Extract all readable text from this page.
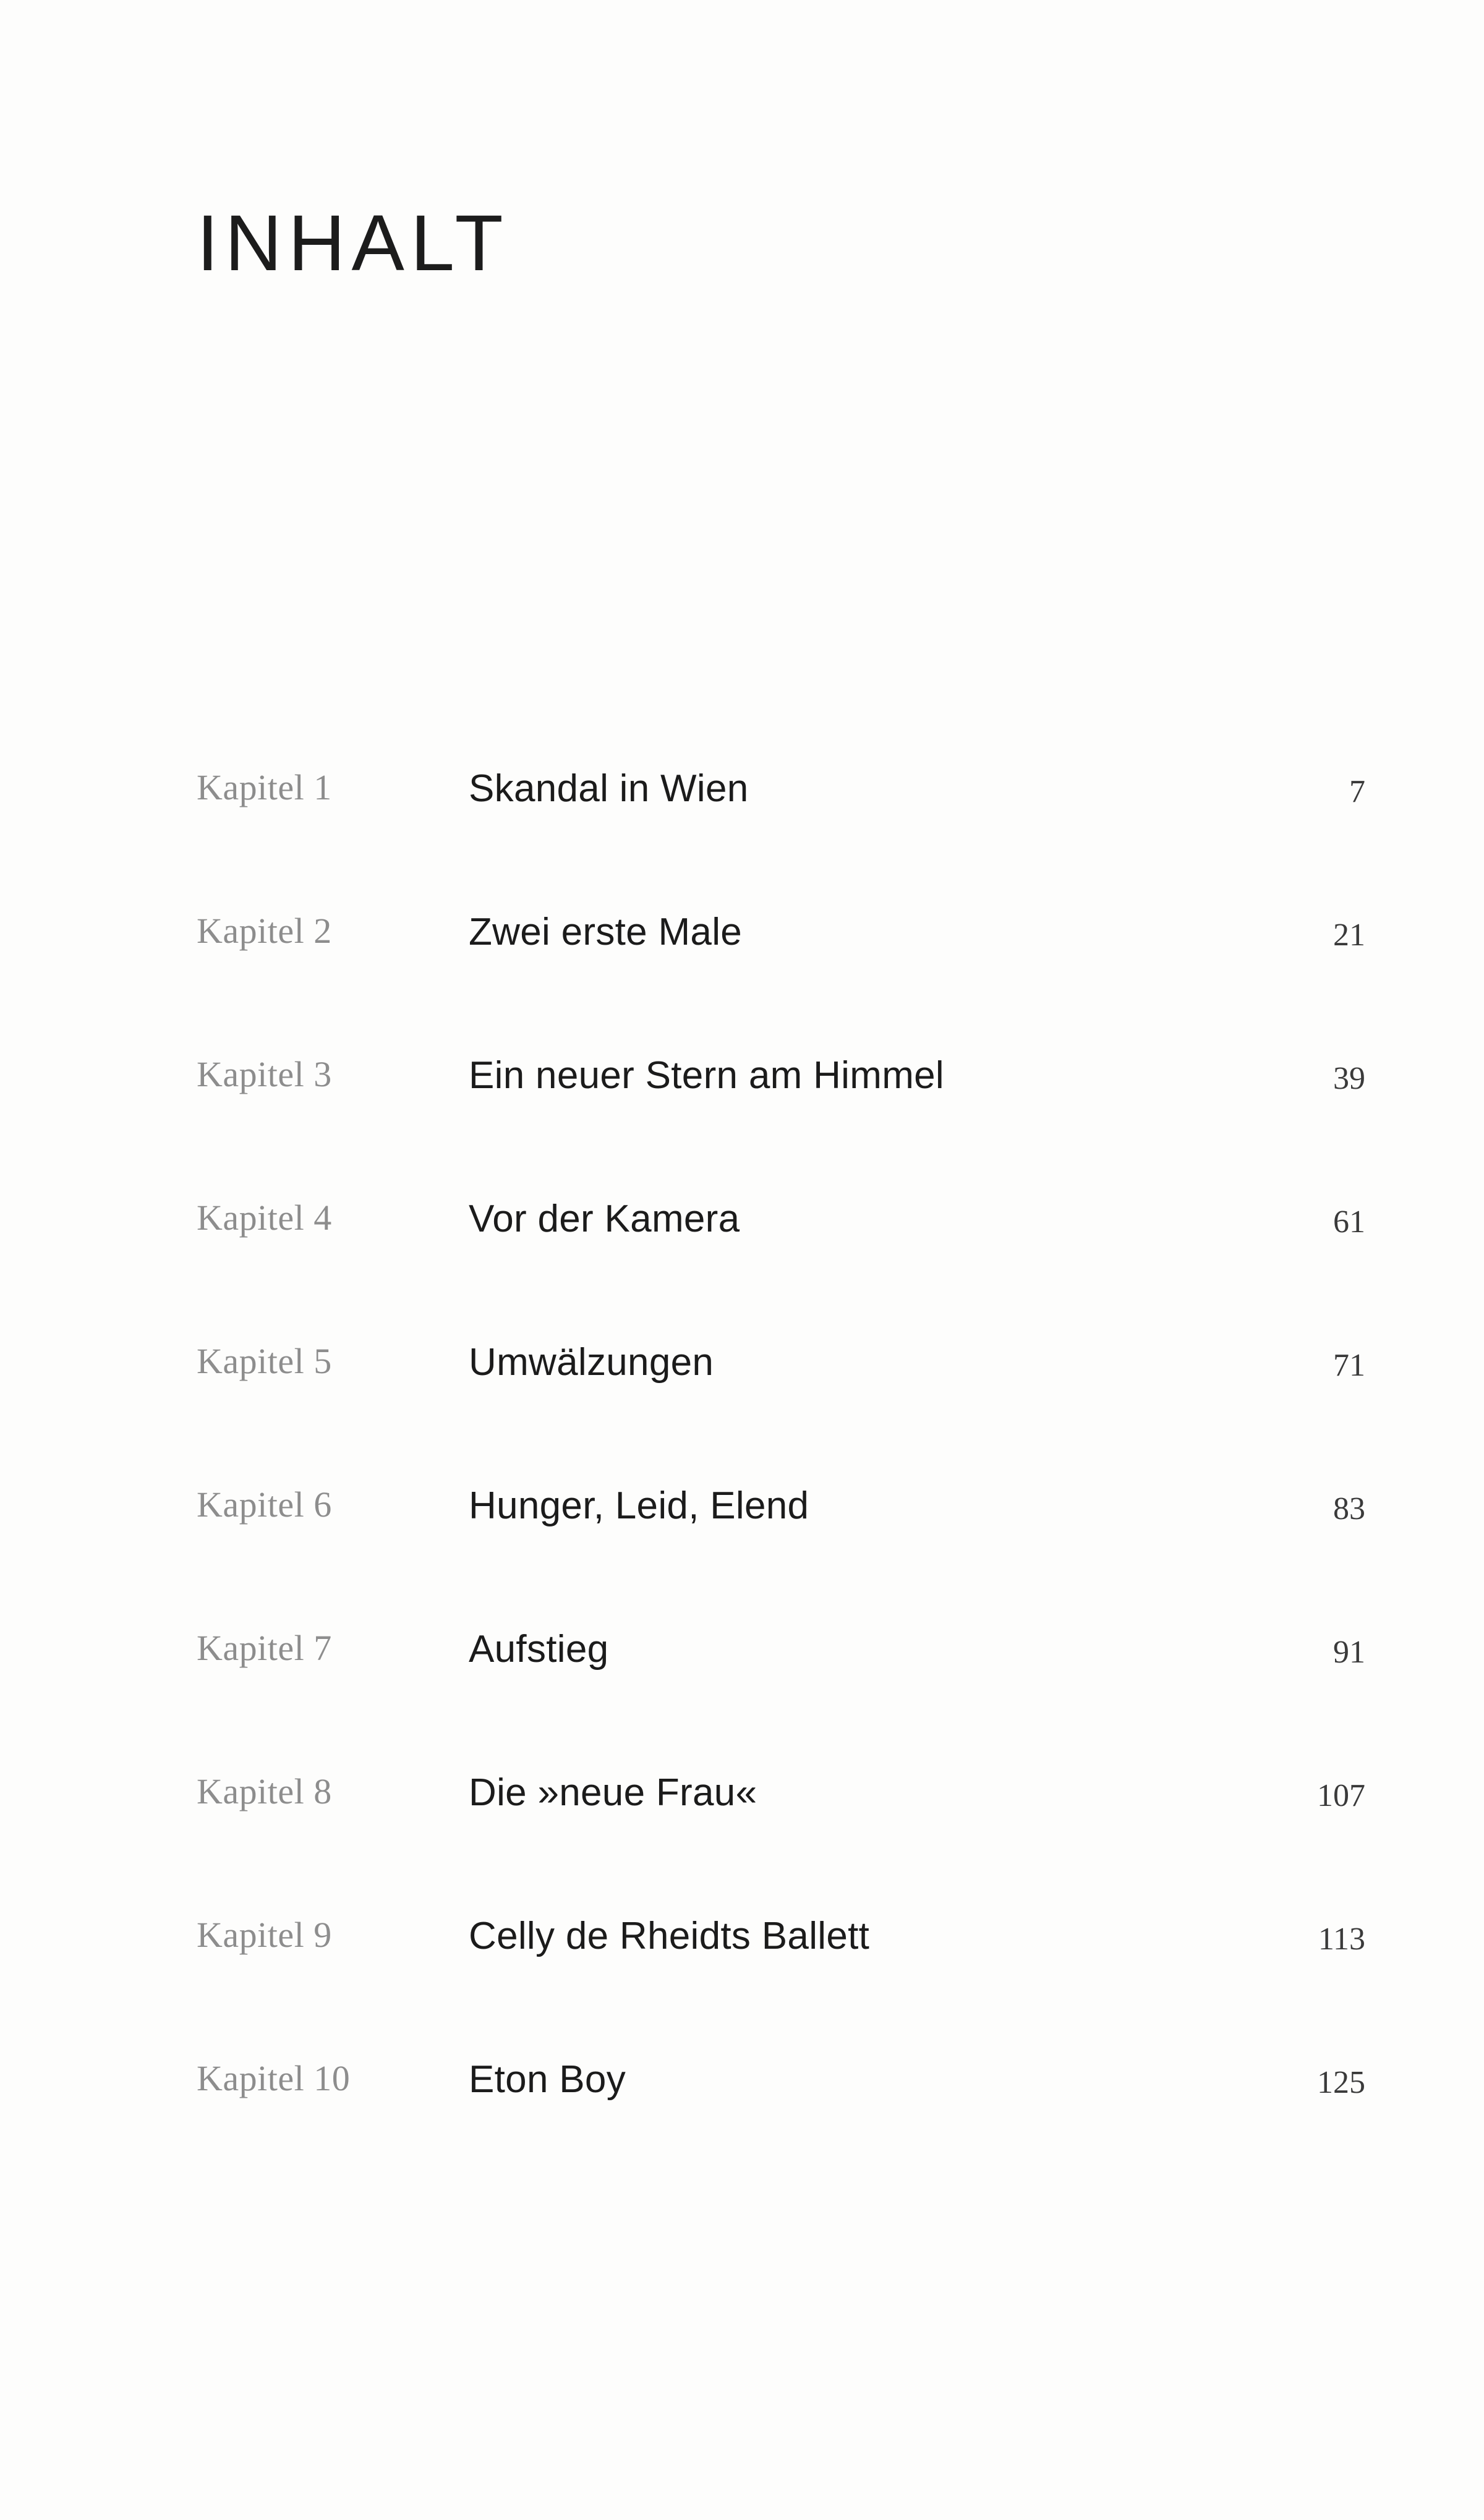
INHALT
Kapitel 1	Skandal in Wien	7
Kapitel 2	Zwei erste Male	21
Kapitel 3	Ein neuer Stern am Himmel	39
Kapitel 4	Vor der Kamera	61
Kapitel 5	Umwälzungen	71
Kapitel 6	Hunger, Leid, Elend	83
Kapitel 7	Aufstieg	91
Kapitel 8	Die »neue Frau«	107
Kapitel 9	Celly de Rheidts Ballett	113
Kapitel 10	Eton Boy	125
